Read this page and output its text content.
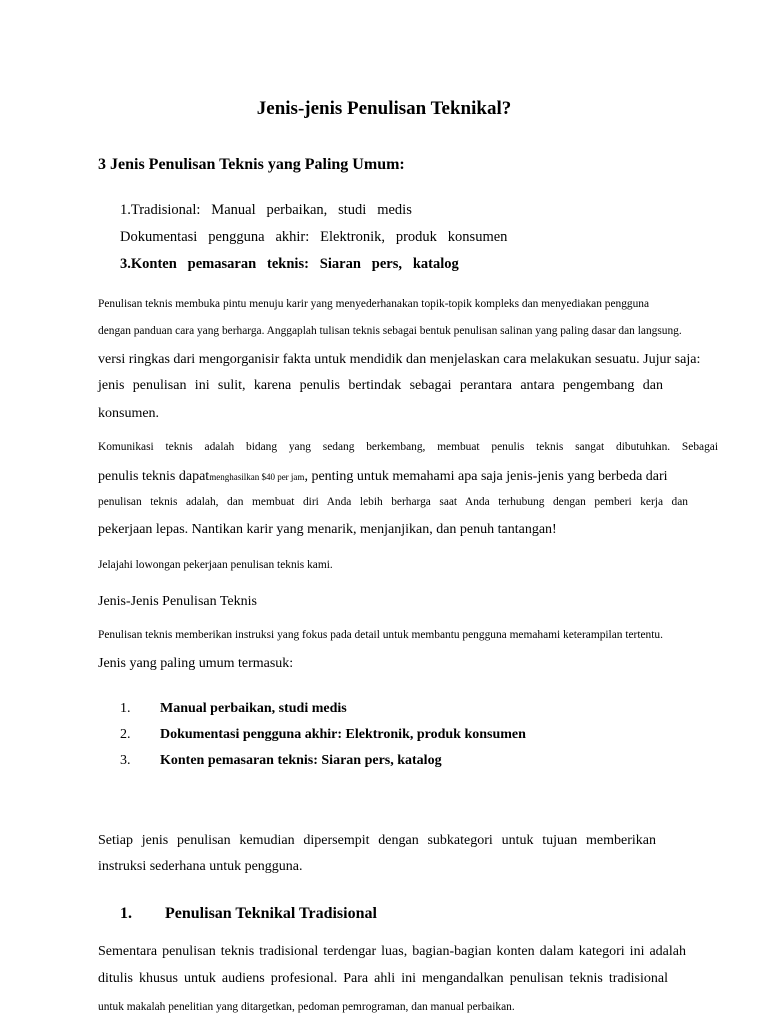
Jenis-jenis Penulisan Teknikal?
3 Jenis Penulisan Teknis yang Paling Umum:
1.Tradisional:   Manual   perbaikan,   studi   medis
Dokumentasi   pengguna   akhir:   Elektronik,   produk   konsumen
3.Konten   pemasaran   teknis:   Siaran   pers,   katalog
Penulisan teknis membuka pintu menuju karir yang menyederhanakan topik-topik kompleks dan menyediakan pengguna
dengan panduan cara yang berharga. Anggaplah tulisan teknis sebagai bentuk penulisan salinan yang paling dasar dan langsung.
versi ringkas dari mengorganisir fakta untuk mendidik dan menjelaskan cara melakukan sesuatu. Jujur saja:
jenis penulisan ini sulit, karena penulis bertindak sebagai perantara antara pengembang dan
konsumen.
Komunikasi teknis adalah bidang yang sedang berkembang, membuat penulis teknis sangat dibutuhkan. Sebagai
penulis teknis dapatmenghasilkan $40 per jam, penting untuk memahami apa saja jenis-jenis yang berbeda dari
penulisan teknis adalah, dan membuat diri Anda lebih berharga saat Anda terhubung dengan pemberi kerja dan
pekerjaan lepas. Nantikan karir yang menarik, menjanjikan, dan penuh tantangan!
Jelajahi lowongan pekerjaan penulisan teknis kami.
Jenis-Jenis Penulisan Teknis
Penulisan teknis memberikan instruksi yang fokus pada detail untuk membantu pengguna memahami keterampilan tertentu.
Jenis yang paling umum termasuk:
1. Manual perbaikan, studi medis
2. Dokumentasi pengguna akhir: Elektronik, produk konsumen
3. Konten pemasaran teknis: Siaran pers, katalog
Setiap jenis penulisan kemudian dipersempit dengan subkategori untuk tujuan memberikan
instruksi sederhana untuk pengguna.
1. Penulisan Teknikal Tradisional
Sementara penulisan teknis tradisional terdengar luas, bagian-bagian konten dalam kategori ini adalah
ditulis khusus untuk audiens profesional. Para ahli ini mengandalkan penulisan teknis tradisional
untuk makalah penelitian yang ditargetkan, pedoman pemrograman, dan manual perbaikan.
